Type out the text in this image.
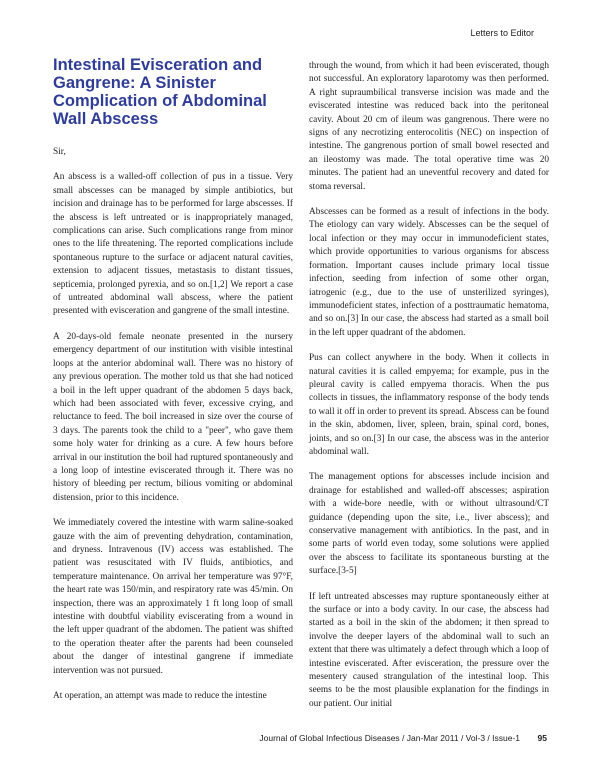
Letters to Editor
Intestinal Evisceration and Gangrene: A Sinister Complication of Abdominal Wall Abscess

Sir,

An abscess is a walled-off collection of pus in a tissue. Very small abscesses can be managed by simple antibiotics, but incision and drainage has to be performed for large abscesses. If the abscess is left untreated or is inappropriately managed, complications can arise. Such complications range from minor ones to the life threatening. The reported complications include spontaneous rupture to the surface or adjacent natural cavities, extension to adjacent tissues, metastasis to distant tissues, septicemia, prolonged pyrexia, and so on.[1,2] We report a case of untreated abdominal wall abscess, where the patient presented with evisceration and gangrene of the small intestine.

A 20-days-old female neonate presented in the nursery emergency department of our institution with visible intestinal loops at the anterior abdominal wall. There was no history of any previous operation. The mother told us that she had noticed a boil in the left upper quadrant of the abdomen 5 days back, which had been associated with fever, excessive crying, and reluctance to feed. The boil increased in size over the course of 3 days. The parents took the child to a "peer", who gave them some holy water for drinking as a cure. A few hours before arrival in our institution the boil had ruptured spontaneously and a long loop of intestine eviscerated through it. There was no history of bleeding per rectum, bilious vomiting or abdominal distension, prior to this incidence.

We immediately covered the intestine with warm saline-soaked gauze with the aim of preventing dehydration, contamination, and dryness. Intravenous (IV) access was established. The patient was resuscitated with IV fluids, antibiotics, and temperature maintenance. On arrival her temperature was 97°F, the heart rate was 150/min, and respiratory rate was 45/min. On inspection, there was an approximately 1 ft long loop of small intestine with doubtful viability eviscerating from a wound in the left upper quadrant of the abdomen. The patient was shifted to the operation theater after the parents had been counseled about the danger of intestinal gangrene if immediate intervention was not pursued.

At operation, an attempt was made to reduce the intestine

through the wound, from which it had been eviscerated, though not successful. An exploratory laparotomy was then performed. A right supraumbilical transverse incision was made and the eviscerated intestine was reduced back into the peritoneal cavity. About 20 cm of ileum was gangrenous. There were no signs of any necrotizing enterocolitis (NEC) on inspection of intestine. The gangrenous portion of small bowel resected and an ileostomy was made. The total operative time was 20 minutes. The patient had an uneventful recovery and dated for stoma reversal.

Abscesses can be formed as a result of infections in the body. The etiology can vary widely. Abscesses can be the sequel of local infection or they may occur in immunodeficient states, which provide opportunities to various organisms for abscess formation. Important causes include primary local tissue infection, seeding from infection of some other organ, iatrogenic (e.g., due to the use of unsterilized syringes), immunodeficient states, infection of a posttraumatic hematoma, and so on.[3] In our case, the abscess had started as a small boil in the left upper quadrant of the abdomen.

Pus can collect anywhere in the body. When it collects in natural cavities it is called empyema; for example, pus in the pleural cavity is called empyema thoracis. When the pus collects in tissues, the inflammatory response of the body tends to wall it off in order to prevent its spread. Abscess can be found in the skin, abdomen, liver, spleen, brain, spinal cord, bones, joints, and so on.[3] In our case, the abscess was in the anterior abdominal wall.

The management options for abscesses include incision and drainage for established and walled-off abscesses; aspiration with a wide-bore needle, with or without ultrasound/CT guidance (depending upon the site, i.e., liver abscess); and conservative management with antibiotics. In the past, and in some parts of world even today, some solutions were applied over the abscess to facilitate its spontaneous bursting at the surface.[3-5]

If left untreated abscesses may rupture spontaneously either at the surface or into a body cavity. In our case, the abscess had started as a boil in the skin of the abdomen; it then spread to involve the deeper layers of the abdominal wall to such an extent that there was ultimately a defect through which a loop of intestine eviscerated. After evisceration, the pressure over the mesentery caused strangulation of the intestinal loop. This seems to be the most plausible explanation for the findings in our patient. Our initial

Journal of Global Infectious Diseases / Jan-Mar 2011 / Vol-3 / Issue-1 95
